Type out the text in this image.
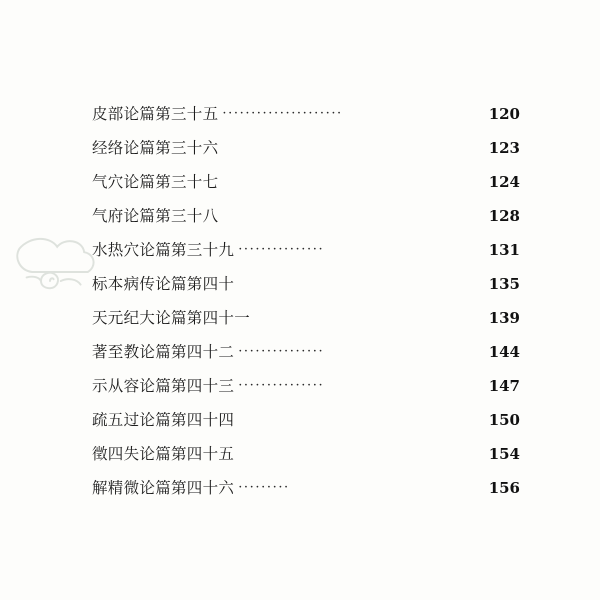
皮部论篇第三十五 ·····················	120
经络论篇第三十六	123
气穴论篇第三十七	124
气府论篇第三十八	128
水热穴论篇第三十九 ···············	131
标本病传论篇第四十	135
天元纪大论篇第四十一	139
著至教论篇第四十二 ···············	144
示从容论篇第四十三 ···············	147
疏五过论篇第四十四	150
徵四失论篇第四十五	154
解精微论篇第四十六 ·········	156
